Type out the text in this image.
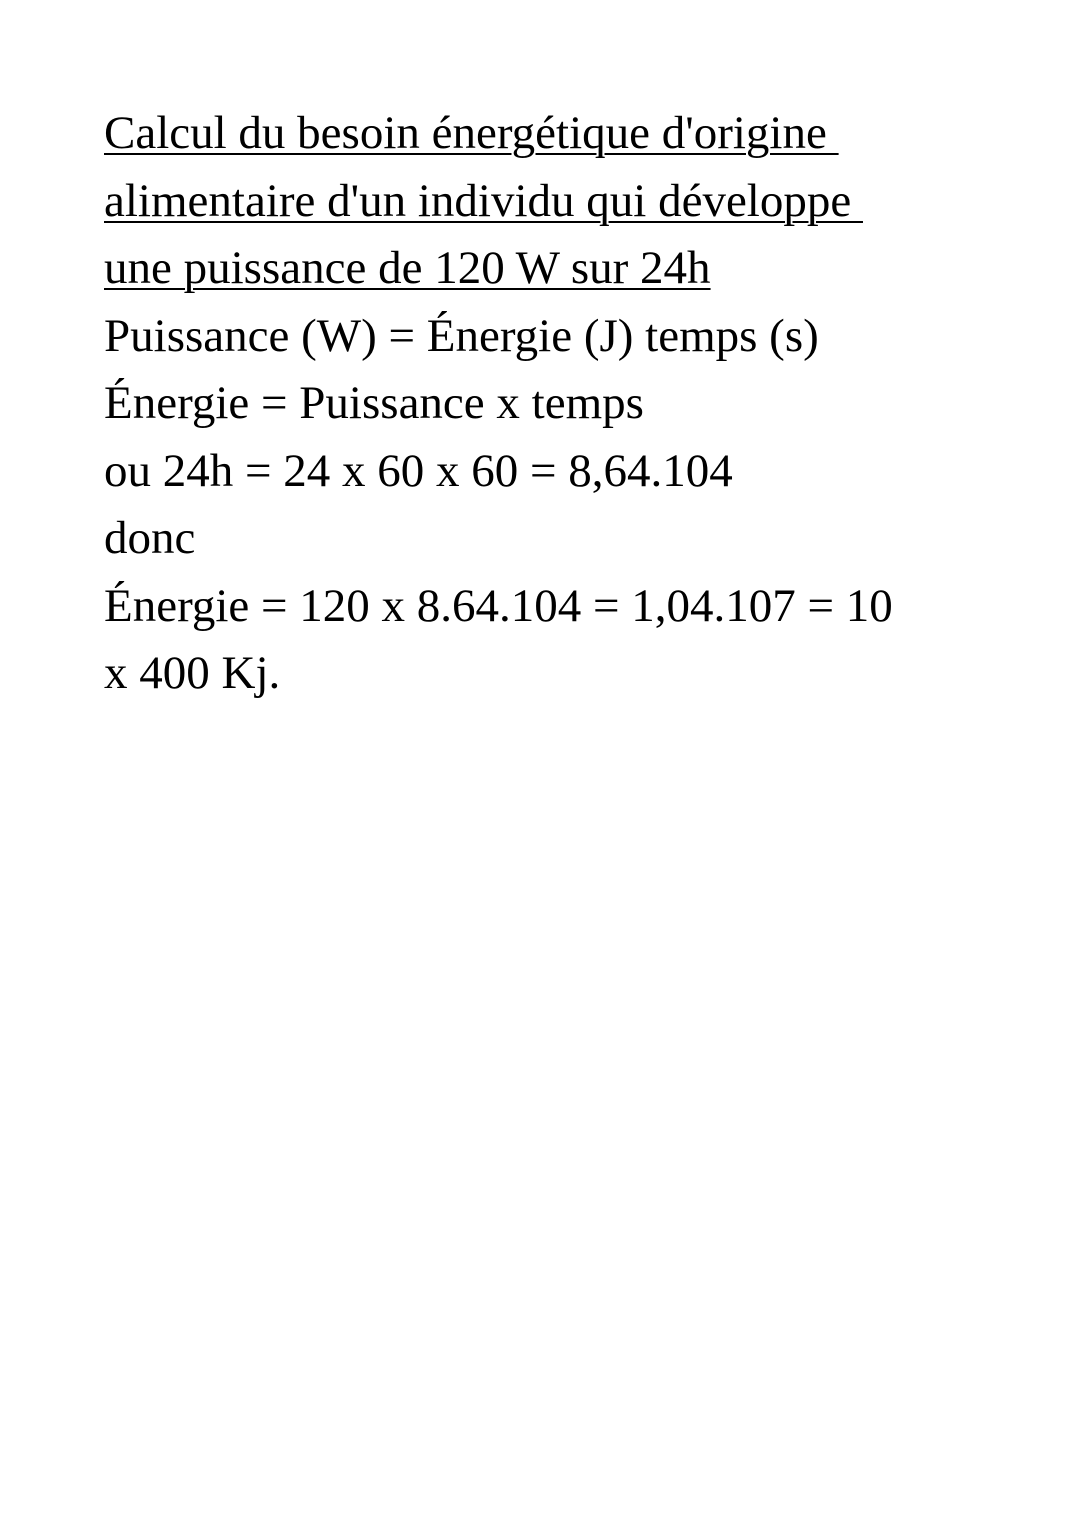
Calcul du besoin énergétique d'origine
alimentaire d'un individu qui développe
une puissance de 120 W sur 24h
Puissance (W) = Énergie (J) temps (s)
Énergie = Puissance x temps
ou 24h = 24 x 60 x 60 = 8,64.104
donc
Énergie = 120 x 8.64.104 = 1,04.107 = 10
x 400 Kj.
